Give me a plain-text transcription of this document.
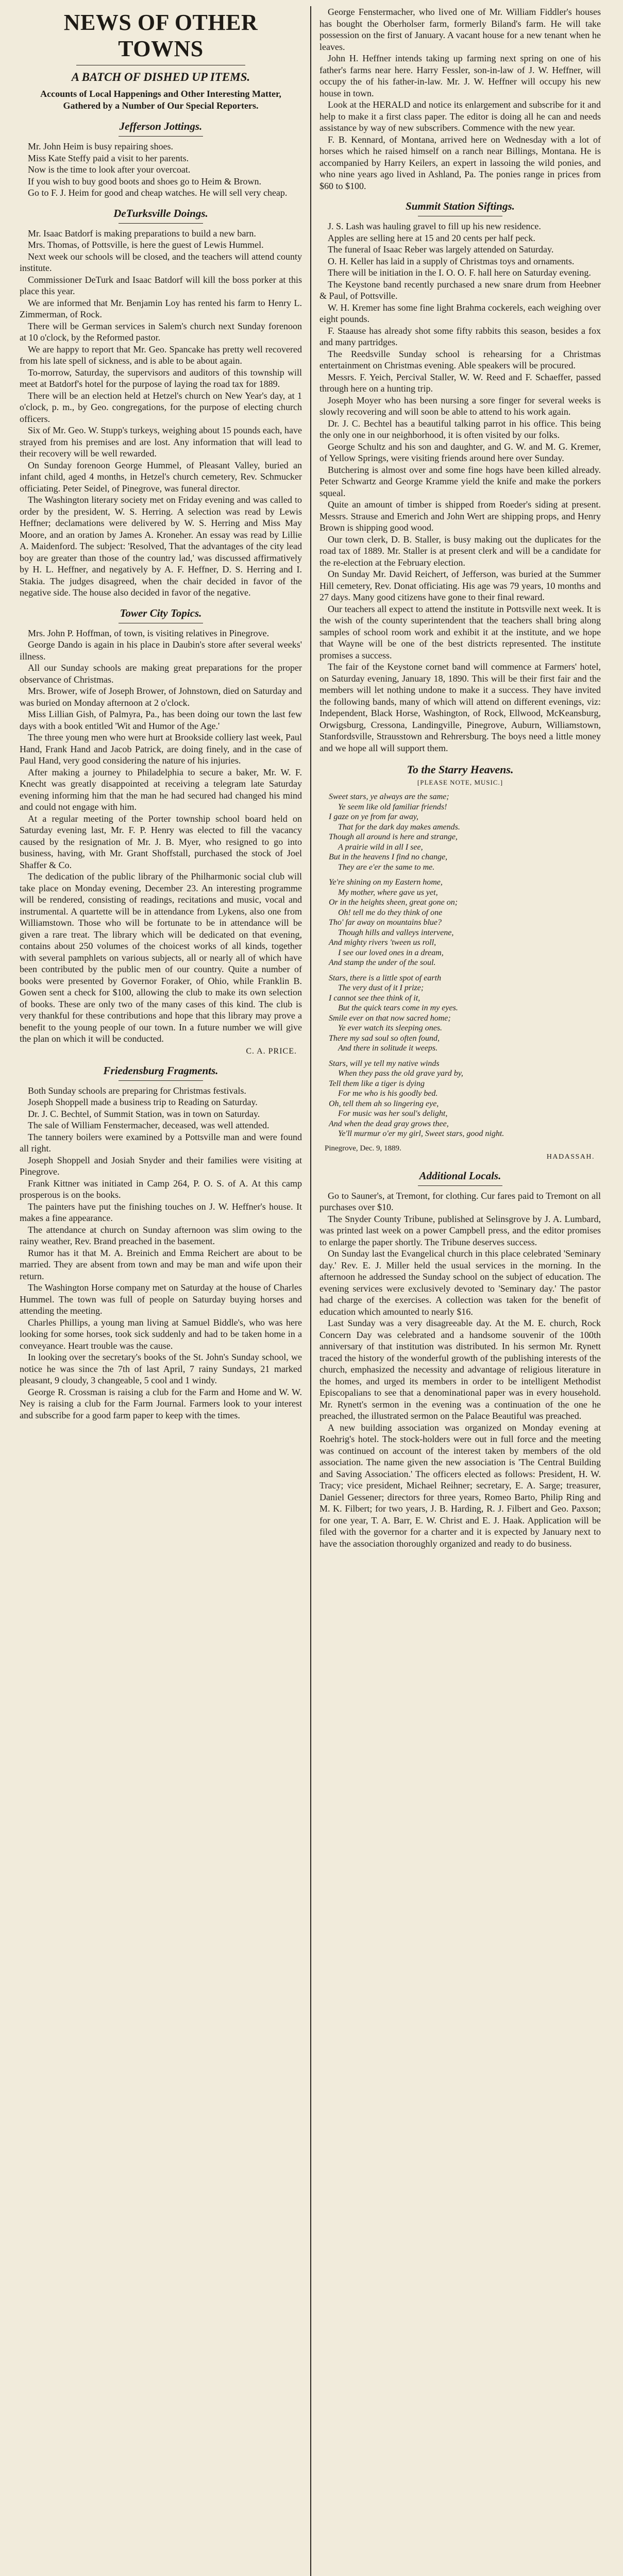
NEWS OF OTHER TOWNS
A BATCH OF DISHED UP ITEMS.
Accounts of Local Happenings and Other Interesting Matter, Gathered by a Number of Our Special Reporters.
Jefferson Jottings.

Mr. John Heim is busy repairing shoes.

Miss Kate Steffy paid a visit to her parents.

Now is the time to look after your overcoat.

If you wish to buy good boots and shoes go to Heim & Brown.

Go to F. J. Heim for good and cheap watches. He will sell very cheap.

DeTurksville Doings.

Mr. Isaac Batdorf is making preparations to build a new barn.

Mrs. Thomas, of Pottsville, is here the guest of Lewis Hummel.

Next week our schools will be closed, and the teachers will attend county institute.

Commissioner DeTurk and Isaac Batdorf will kill the boss porker at this place this year.

We are informed that Mr. Benjamin Loy has rented his farm to Henry L. Zimmerman, of Rock.

There will be German services in Salem's church next Sunday forenoon at 10 o'clock, by the Reformed pastor.

We are happy to report that Mr. Geo. Spancake has pretty well recovered from his late spell of sickness, and is able to be about again.

To-morrow, Saturday, the supervisors and auditors of this township will meet at Batdorf's hotel for the purpose of laying the road tax for 1889.

There will be an election held at Hetzel's church on New Year's day, at 1 o'clock, p. m., by Geo. congregations, for the purpose of electing church officers.

Six of Mr. Geo. W. Stupp's turkeys, weighing about 15 pounds each, have strayed from his premises and are lost. Any information that will lead to their recovery will be well rewarded.

On Sunday forenoon George Hummel, of Pleasant Valley, buried an infant child, aged 4 months, in Hetzel's church cemetery, Rev. Schmucker officiating. Peter Seidel, of Pinegrove, was funeral director.

The Washington literary society met on Friday evening and was called to order by the president, W. S. Herring. A selection was read by Lewis Heffner; declamations were delivered by W. S. Herring and Miss May Moore, and an oration by James A. Kroneher. An essay was read by Lillie A. Maidenford. The subject: 'Resolved, That the advantages of the city lead boy are greater than those of the country lad,' was discussed affirmatively by H. L. Heffner, and negatively by A. F. Heffner, D. S. Herring and I. Stakia. The judges disagreed, when the chair decided in favor of the negative side. The house also decided in favor of the negative.

Tower City Topics.

Mrs. John P. Hoffman, of town, is visiting relatives in Pinegrove.

George Dando is again in his place in Daubin's store after several weeks' illness.

All our Sunday schools are making great preparations for the proper observance of Christmas.

Mrs. Brower, wife of Joseph Brower, of Johnstown, died on Saturday and was buried on Monday afternoon at 2 o'clock.

Miss Lillian Gish, of Palmyra, Pa., has been doing our town the last few days with a book entitled 'Wit and Humor of the Age.'

The three young men who were hurt at Brookside colliery last week, Paul Hand, Frank Hand and Jacob Patrick, are doing finely, and in the case of Paul Hand, very good considering the nature of his injuries.

After making a journey to Philadelphia to secure a baker, Mr. W. F. Knecht was greatly disappointed at receiving a telegram late Saturday evening informing him that the man he had secured had changed his mind and could not engage with him.

At a regular meeting of the Porter township school board held on Saturday evening last, Mr. F. P. Henry was elected to fill the vacancy caused by the resignation of Mr. J. B. Myer, who resigned to go into business, having, with Mr. Grant Shoffstall, purchased the stock of Joel Shaffer & Co.

The dedication of the public library of the Philharmonic social club will take place on Monday evening, December 23. An interesting programme will be rendered, consisting of readings, recitations and music, vocal and instrumental. A quartette will be in attendance from Lykens, also one from Williamstown. Those who will be fortunate to be in attendance will be given a rare treat. The library which will be dedicated on that evening, contains about 250 volumes of the choicest works of all kinds, together with several pamphlets on various subjects, all or nearly all of which have been contributed by the public men of our country. Quite a number of books were presented by Governor Foraker, of Ohio, while Franklin B. Gowen sent a check for $100, allowing the club to make its own selection of books. These are only two of the many cases of this kind. The club is very thankful for these contributions and hope that this library may prove a benefit to the young people of our town. In a future number we will give the plan on which it will be conducted.

C. A. PRICE.
Friedensburg Fragments.

Both Sunday schools are preparing for Christmas festivals.

Joseph Shoppell made a business trip to Reading on Saturday.

Dr. J. C. Bechtel, of Summit Station, was in town on Saturday.

The sale of William Fenstermacher, deceased, was well attended.

The tannery boilers were examined by a Pottsville man and were found all right.

Joseph Shoppell and Josiah Snyder and their families were visiting at Pinegrove.

Frank Kittner was initiated in Camp 264, P. O. S. of A. At this camp prosperous is on the books.

The painters have put the finishing touches on J. W. Heffner's house. It makes a fine appearance.

The attendance at church on Sunday afternoon was slim owing to the rainy weather, Rev. Brand preached in the basement.

Rumor has it that M. A. Breinich and Emma Reichert are about to be married. They are absent from town and may be man and wife upon their return.

The Washington Horse company met on Saturday at the house of Charles Hummel. The town was full of people on Saturday buying horses and attending the meeting.

Charles Phillips, a young man living at Samuel Biddle's, who was here looking for some horses, took sick suddenly and had to be taken home in a conveyance. Heart trouble was the cause.

In looking over the secretary's books of the St. John's Sunday school, we notice he was since the 7th of last April, 7 rainy Sundays, 21 marked pleasant, 9 cloudy, 3 changeable, 5 cool and 1 windy.

George R. Crossman is raising a club for the Farm and Home and W. W. Ney is raising a club for the Farm Journal. Farmers look to your interest and subscribe for a good farm paper to keep with the times.

George Fenstermacher, who lived one of Mr. William Fiddler's houses has bought the Oberholser farm, formerly Biland's farm. He will take possession on the first of January. A vacant house for a new tenant when he leaves.

John H. Heffner intends taking up farming next spring on one of his father's farms near here. Harry Fessler, son-in-law of J. W. Heffner, will occupy the of his father-in-law. Mr. J. W. Heffner will occupy his new house in town.

Look at the HERALD and notice its enlargement and subscribe for it and help to make it a first class paper. The editor is doing all he can and needs assistance by way of new subscribers. Commence with the new year.

F. B. Kennard, of Montana, arrived here on Wednesday with a lot of horses which he raised himself on a ranch near Billings, Montana. He is accompanied by Harry Keilers, an expert in lassoing the wild ponies, and who nine years ago lived in Ashland, Pa. The ponies range in prices from $60 to $100.

Summit Station Siftings.

J. S. Lash was hauling gravel to fill up his new residence.

Apples are selling here at 15 and 20 cents per half peck.

The funeral of Isaac Reber was largely attended on Saturday.

O. H. Keller has laid in a supply of Christmas toys and ornaments.

There will be initiation in the I. O. O. F. hall here on Saturday evening.

The Keystone band recently purchased a new snare drum from Heebner & Paul, of Pottsville.

W. H. Kremer has some fine light Brahma cockerels, each weighing over eight pounds.

F. Staause has already shot some fifty rabbits this season, besides a fox and many partridges.

The Reedsville Sunday school is rehearsing for a Christmas entertainment on Christmas evening. Able speakers will be procured.

Messrs. F. Yeich, Percival Staller, W. W. Reed and F. Schaeffer, passed through here on a hunting trip.

Joseph Moyer who has been nursing a sore finger for several weeks is slowly recovering and will soon be able to attend to his work again.

Dr. J. C. Bechtel has a beautiful talking parrot in his office. This being the only one in our neighborhood, it is often visited by our folks.

George Schultz and his son and daughter, and G. W. and M. G. Kremer, of Yellow Springs, were visiting friends around here over Sunday.

Butchering is almost over and some fine hogs have been killed already. Peter Schwartz and George Kramme yield the knife and make the porkers squeal.

Quite an amount of timber is shipped from Roeder's siding at present. Messrs. Strause and Emerich and John Wert are shipping props, and Henry Brown is shipping good wood.

Our town clerk, D. B. Staller, is busy making out the duplicates for the road tax of 1889. Mr. Staller is at present clerk and will be a candidate for the re-election at the February election.

On Sunday Mr. David Reichert, of Jefferson, was buried at the Summer Hill cemetery, Rev. Donat officiating. His age was 79 years, 10 months and 27 days. Many good citizens have gone to their final reward.

Our teachers all expect to attend the institute in Pottsville next week. It is the wish of the county superintendent that the teachers shall bring along samples of school room work and exhibit it at the institute, and we hope that Wayne will be one of the best districts represented. The institute promises a success.

The fair of the Keystone cornet band will commence at Farmers' hotel, on Saturday evening, January 18, 1890. This will be their first fair and the members will let nothing undone to make it a success. They have invited the following bands, many of which will attend on different evenings, viz: Independent, Black Horse, Washington, of Rock, Ellwood, McKeansburg, Orwigsburg, Cressona, Landingville, Pinegrove, Auburn, Williamstown, Stanfordsville, Strausstown and Rehrersburg. The boys need a little money and we hope all will support them.

To the Starry Heavens.
[PLEASE NOTE, MUSIC.]
Sweet stars, ye always are the same;
Ye seem like old familiar friends!
I gaze on ye from far away,
That for the dark day makes amends.
Though all around is here and strange,
A prairie wild in all I see,
But in the heavens I find no change,
They are e'er the same to me.
Ye're shining on my Eastern home,
My mother, where gave us yet,
Or in the heights sheen, great gone on;
Oh! tell me do they think of one
Tho' far away on mountains blue?
Though hills and valleys intervene,
And mighty rivers 'tween us roll,
I see our loved ones in a dream,
And stamp the under of the soul.
Stars, there is a little spot of earth
The very dust of it I prize;
I cannot see thee think of it,
But the quick tears come in my eyes.
Smile ever on that now sacred home;
Ye ever watch its sleeping ones.
There my sad soul so often found,
And there in solitude it weeps.
Stars, will ye tell my native winds
When they pass the old grave yard by,
Tell them like a tiger is dying
For me who is his goodly bed.
Oh, tell them ah so lingering eye,
For music was her soul's delight,
And when the dead gray grows thee,
Ye'll murmur o'er my girl, Sweet stars, good night.
Pinegrove, Dec. 9, 1889.
HADASSAH.
Additional Locals.

Go to Sauner's, at Tremont, for clothing. Cur fares paid to Tremont on all purchases over $10.

The Snyder County Tribune, published at Selinsgrove by J. A. Lumbard, was printed last week on a power Campbell press, and the editor promises to enlarge the paper shortly. The Tribune deserves success.

On Sunday last the Evangelical church in this place celebrated 'Seminary day.' Rev. E. J. Miller held the usual services in the morning. In the afternoon he addressed the Sunday school on the subject of education. The evening services were exclusively devoted to 'Seminary day.' The pastor had charge of the exercises. A collection was taken for the benefit of education which amounted to nearly $16.

Last Sunday was a very disagreeable day. At the M. E. church, Rock Concern Day was celebrated and a handsome souvenir of the 100th anniversary of that institution was distributed. In his sermon Mr. Rynett traced the history of the wonderful growth of the publishing interests of the church, emphasized the necessity and advantage of religious literature in the homes, and urged its members in order to be intelligent Methodist Episcopalians to see that a denominational paper was in every household. Mr. Rynett's sermon in the evening was a continuation of the one he preached, the illustrated sermon on the Palace Beautiful was preached.

A new building association was organized on Monday evening at Roehrig's hotel. The stock-holders were out in full force and the meeting was continued on account of the interest taken by members of the old association. The name given the new association is 'The Central Building and Saving Association.' The officers elected as follows: President, H. W. Tracy; vice president, Michael Reihner; secretary, E. A. Sarge; treasurer, Daniel Gessener; directors for three years, Romeo Barto, Philip Ring and M. K. Filbert; for two years, J. B. Harding, R. J. Filbert and Geo. Paxson; for one year, T. A. Barr, E. W. Christ and E. J. Haak. Application will be filed with the governor for a charter and it is expected by January next to have the association thoroughly organized and ready to do business.
